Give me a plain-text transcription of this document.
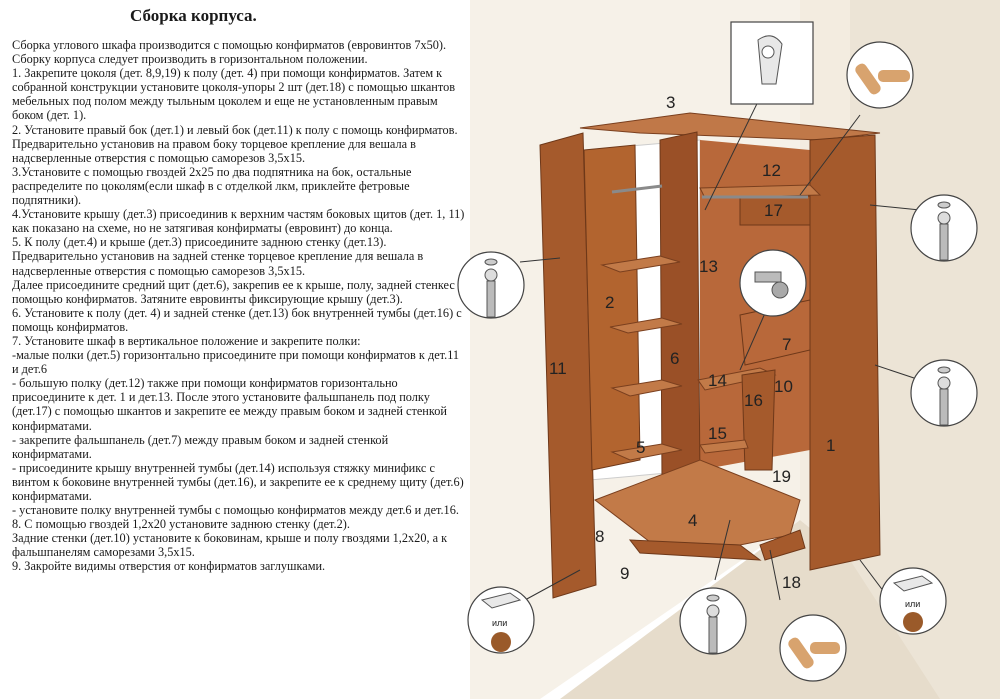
Сборка корпуса.

Сборка углового шкафа производится с помощью конфирматов (евровинтов 7х50). Сборку корпуса следует производить в горизонтальном положении.

1. Закрепите цоколя (дет. 8,9,19) к полу (дет. 4) при помощи конфирматов. Затем к собранной конструкции установите цоколя-упоры 2 шт (дет.18) с помощью шкантов мебельных под полом между тыльным цоколем и еще не установленным правым боком (дет. 1).

2. Установите правый бок (дет.1) и левый бок (дет.11) к полу с помощь конфирматов. Предварительно установив на правом боку торцевое крепление для вешала в надсверленные отверстия с помощью саморезов 3,5х15.

3.Установите с помощью гвоздей 2х25 по два подпятника на бок, остальные распределите по цоколям(если шкаф в с отделкой лкм, приклейте фетровые подпятники).

4.Установите крышу (дет.3) присоединив к верхним частям боковых щитов (дет. 1, 11) как показано на схеме, но не затягивая конфирматы (евровинт) до конца.

5. К полу (дет.4) и крыше (дет.3) присоедините заднюю стенку (дет.13). Предварительно установив на задней стенке торцевое крепление для вешала в надсверленные отверстия с помощью саморезов 3,5х15.

Далее присоедините средний щит (дет.6), закрепив ее к крыше, полу, задней стенкес помощью конфирматов. Затяните евровинты фиксирующие крышу (дет.3).

6. Установите к полу (дет. 4) и задней стенке (дет.13) бок внутренней тумбы (дет.16) с помощь конфирматов.

7. Установите шкаф в вертикальное положение и закрепите полки:

-малые полки (дет.5) горизонтально присоедините при помощи конфирматов к дет.11 и дет.6

- большую полку (дет.12) также при помощи конфирматов горизонтально присоедините к дет. 1 и дет.13. После этого установите фальшпанель под полку (дет.17) с помощью шкантов и закрепите ее между правым боком и задней стенкой конфирматами.

- закрепите фальшпанель (дет.7) между правым боком и задней стенкой конфирматами.

- присоедините крышу внутренней тумбы (дет.14) используя стяжку минификс с винтом к боковине внутренней тумбы (дет.16), и закрепите ее к среднему щиту (дет.6) конфирматами.

- установите полку внутренней тумбы с помощью конфирматов между дет.6 и дет.16.

8. С помощью гвоздей 1,2х20 установите заднюю стенку (дет.2).

Задние стенки (дет.10) установите к боковинам, крыше и полу гвоздями 1,2х20, а к фальшпанелям саморезами 3,5х15.

9. Закройте видимы отверстия от конфирматов заглушками.

3
12
17
13
2
11
6
7
14	10
16
15
5	1
19
4
8
9	18
или
или
